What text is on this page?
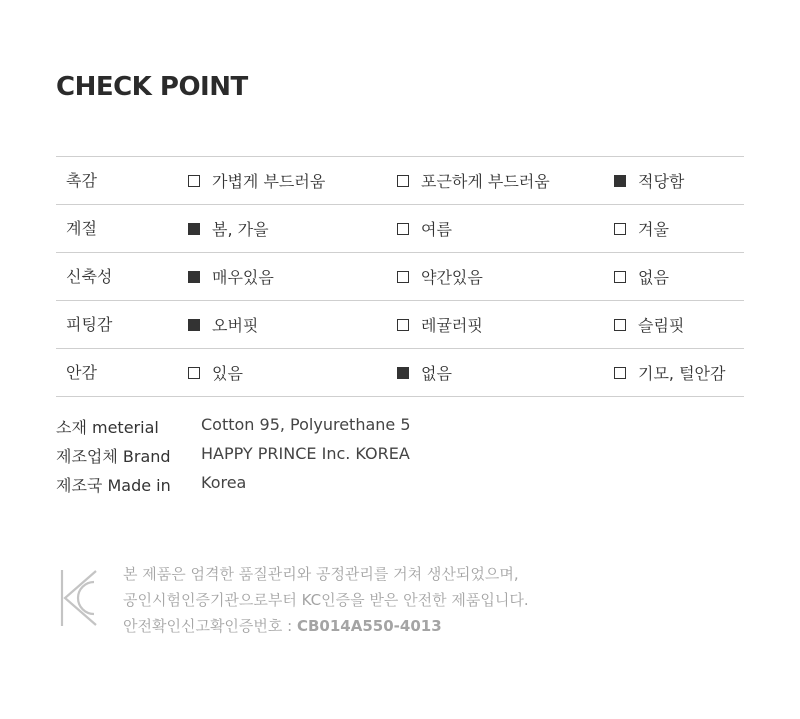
CHECK POINT
촉감	가볍게 부드러움	포근하게 부드러움	적당함
계절	봄, 가을	여름	겨울
신축성	매우있음	약간있음	없음
피팅감	오버핏	레귤러핏	슬림핏
안감	있음	없음	기모, 털안감
소재 meterial	Cotton 95, Polyurethane 5
제조업체 Brand	HAPPY PRINCE Inc. KOREA
제조국 Made in	Korea
본 제품은 엄격한 품질관리와 공정관리를 거쳐 생산되었으며,
공인시험인증기관으로부터 KC인증을 받은 안전한 제품입니다.
안전확인신고확인증번호 : CB014A550-4013
